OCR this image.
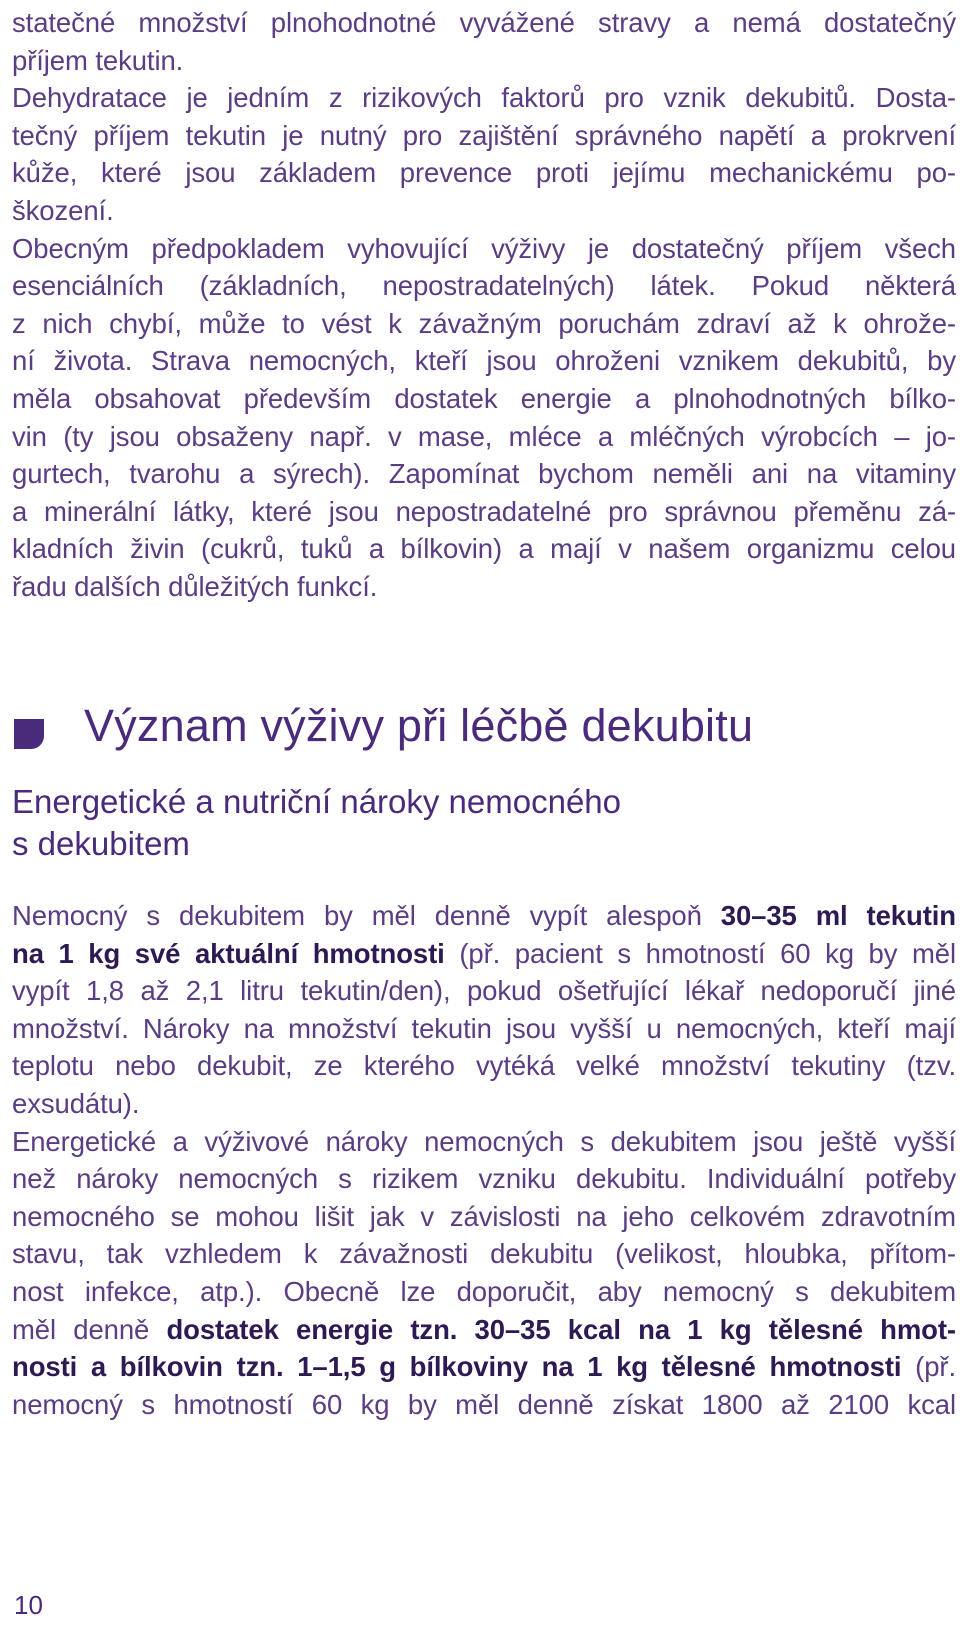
statečné množství plnohodnotné vyvážené stravy a nemá dostatečný
příjem tekutin.
Dehydratace je jedním z rizikových faktorů pro vznik dekubitů. Dosta-
tečný příjem tekutin je nutný pro zajištění správného napětí a prokrvení
kůže, které jsou základem prevence proti jejímu mechanickému po-
škození.
Obecným předpokladem vyhovující výživy je dostatečný příjem všech
esenciálních (základních, nepostradatelných) látek. Pokud některá
z nich chybí, může to vést k závažným poruchám zdraví až k ohrože-
ní života. Strava nemocných, kteří jsou ohroženi vznikem dekubitů, by
měla obsahovat především dostatek energie a plnohodnotných bílko-
vin (ty jsou obsaženy např. v mase, mléce a mléčných výrobcích – jo-
gurtech, tvarohu a sýrech). Zapomínat bychom neměli ani na vitaminy
a minerální látky, které jsou nepostradatelné pro správnou přeměnu zá-
kladních živin (cukrů, tuků a bílkovin) a mají v našem organizmu celou
řadu dalších důležitých funkcí.
Význam výživy při léčbě dekubitu
Energetické a nutriční nároky nemocného
s dekubitem
Nemocný s dekubitem by měl denně vypít alespoň 30–35 ml tekutin
na 1 kg své aktuální hmotnosti (př. pacient s hmotností 60 kg by měl
vypít 1,8 až 2,1 litru tekutin/den), pokud ošetřující lékař nedoporučí jiné
množství. Nároky na množství tekutin jsou vyšší u nemocných, kteří mají
teplotu nebo dekubit, ze kterého vytéká velké množství tekutiny (tzv.
exsudátu).
Energetické a výživové nároky nemocných s dekubitem jsou ještě vyšší
než nároky nemocných s rizikem vzniku dekubitu. Individuální potřeby
nemocného se mohou lišit jak v závislosti na jeho celkovém zdravotním
stavu, tak vzhledem k závažnosti dekubitu (velikost, hloubka, přítom-
nost infekce, atp.). Obecně lze doporučit, aby nemocný s dekubitem
měl denně dostatek energie tzn. 30–35 kcal na 1 kg tělesné hmot-
nosti a bílkovin tzn. 1–1,5 g bílkoviny na 1 kg tělesné hmotnosti (př.
nemocný s hmotností 60 kg by měl denně získat 1800 až 2100 kcal
10
